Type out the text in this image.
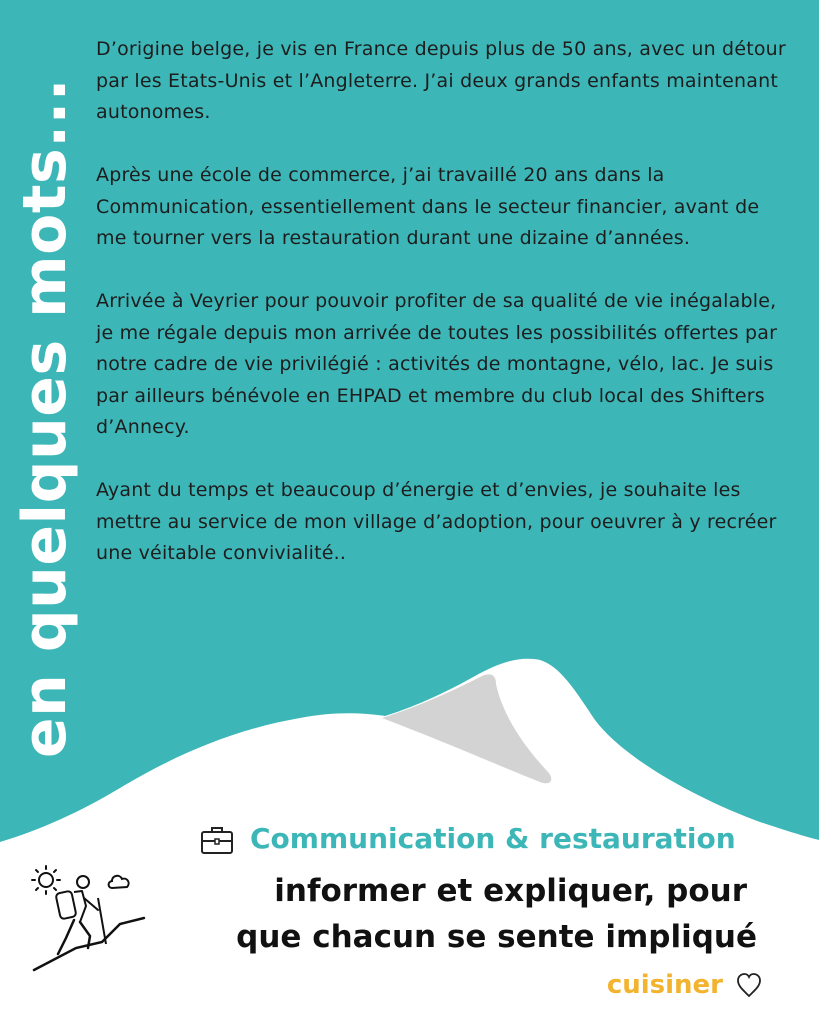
en quelques mots...

D’origine belge, je vis en France depuis plus de 50 ans, avec un détour par les Etats-Unis et l’Angleterre. J’ai deux grands enfants maintenant autonomes.

Après une école de commerce, j’ai travaillé 20 ans dans la Communication, essentiellement dans le secteur financier, avant de me tourner vers la restauration durant une dizaine d’années.

Arrivée à Veyrier pour pouvoir profiter de sa qualité de vie inégalable, je me régale depuis mon arrivée de toutes les possibilités offertes par notre cadre de vie privilégié : activités de montagne, vélo, lac. Je suis par ailleurs bénévole en EHPAD et membre du club local des Shifters d’Annecy.

Ayant du temps et beaucoup d’énergie et d’envies, je souhaite les mettre au service de mon village d’adoption, pour oeuvrer à y recréer une véitable convivialité..

Communication & restauration
informer et expliquer, pour
que chacun se sente impliqué
cuisiner
